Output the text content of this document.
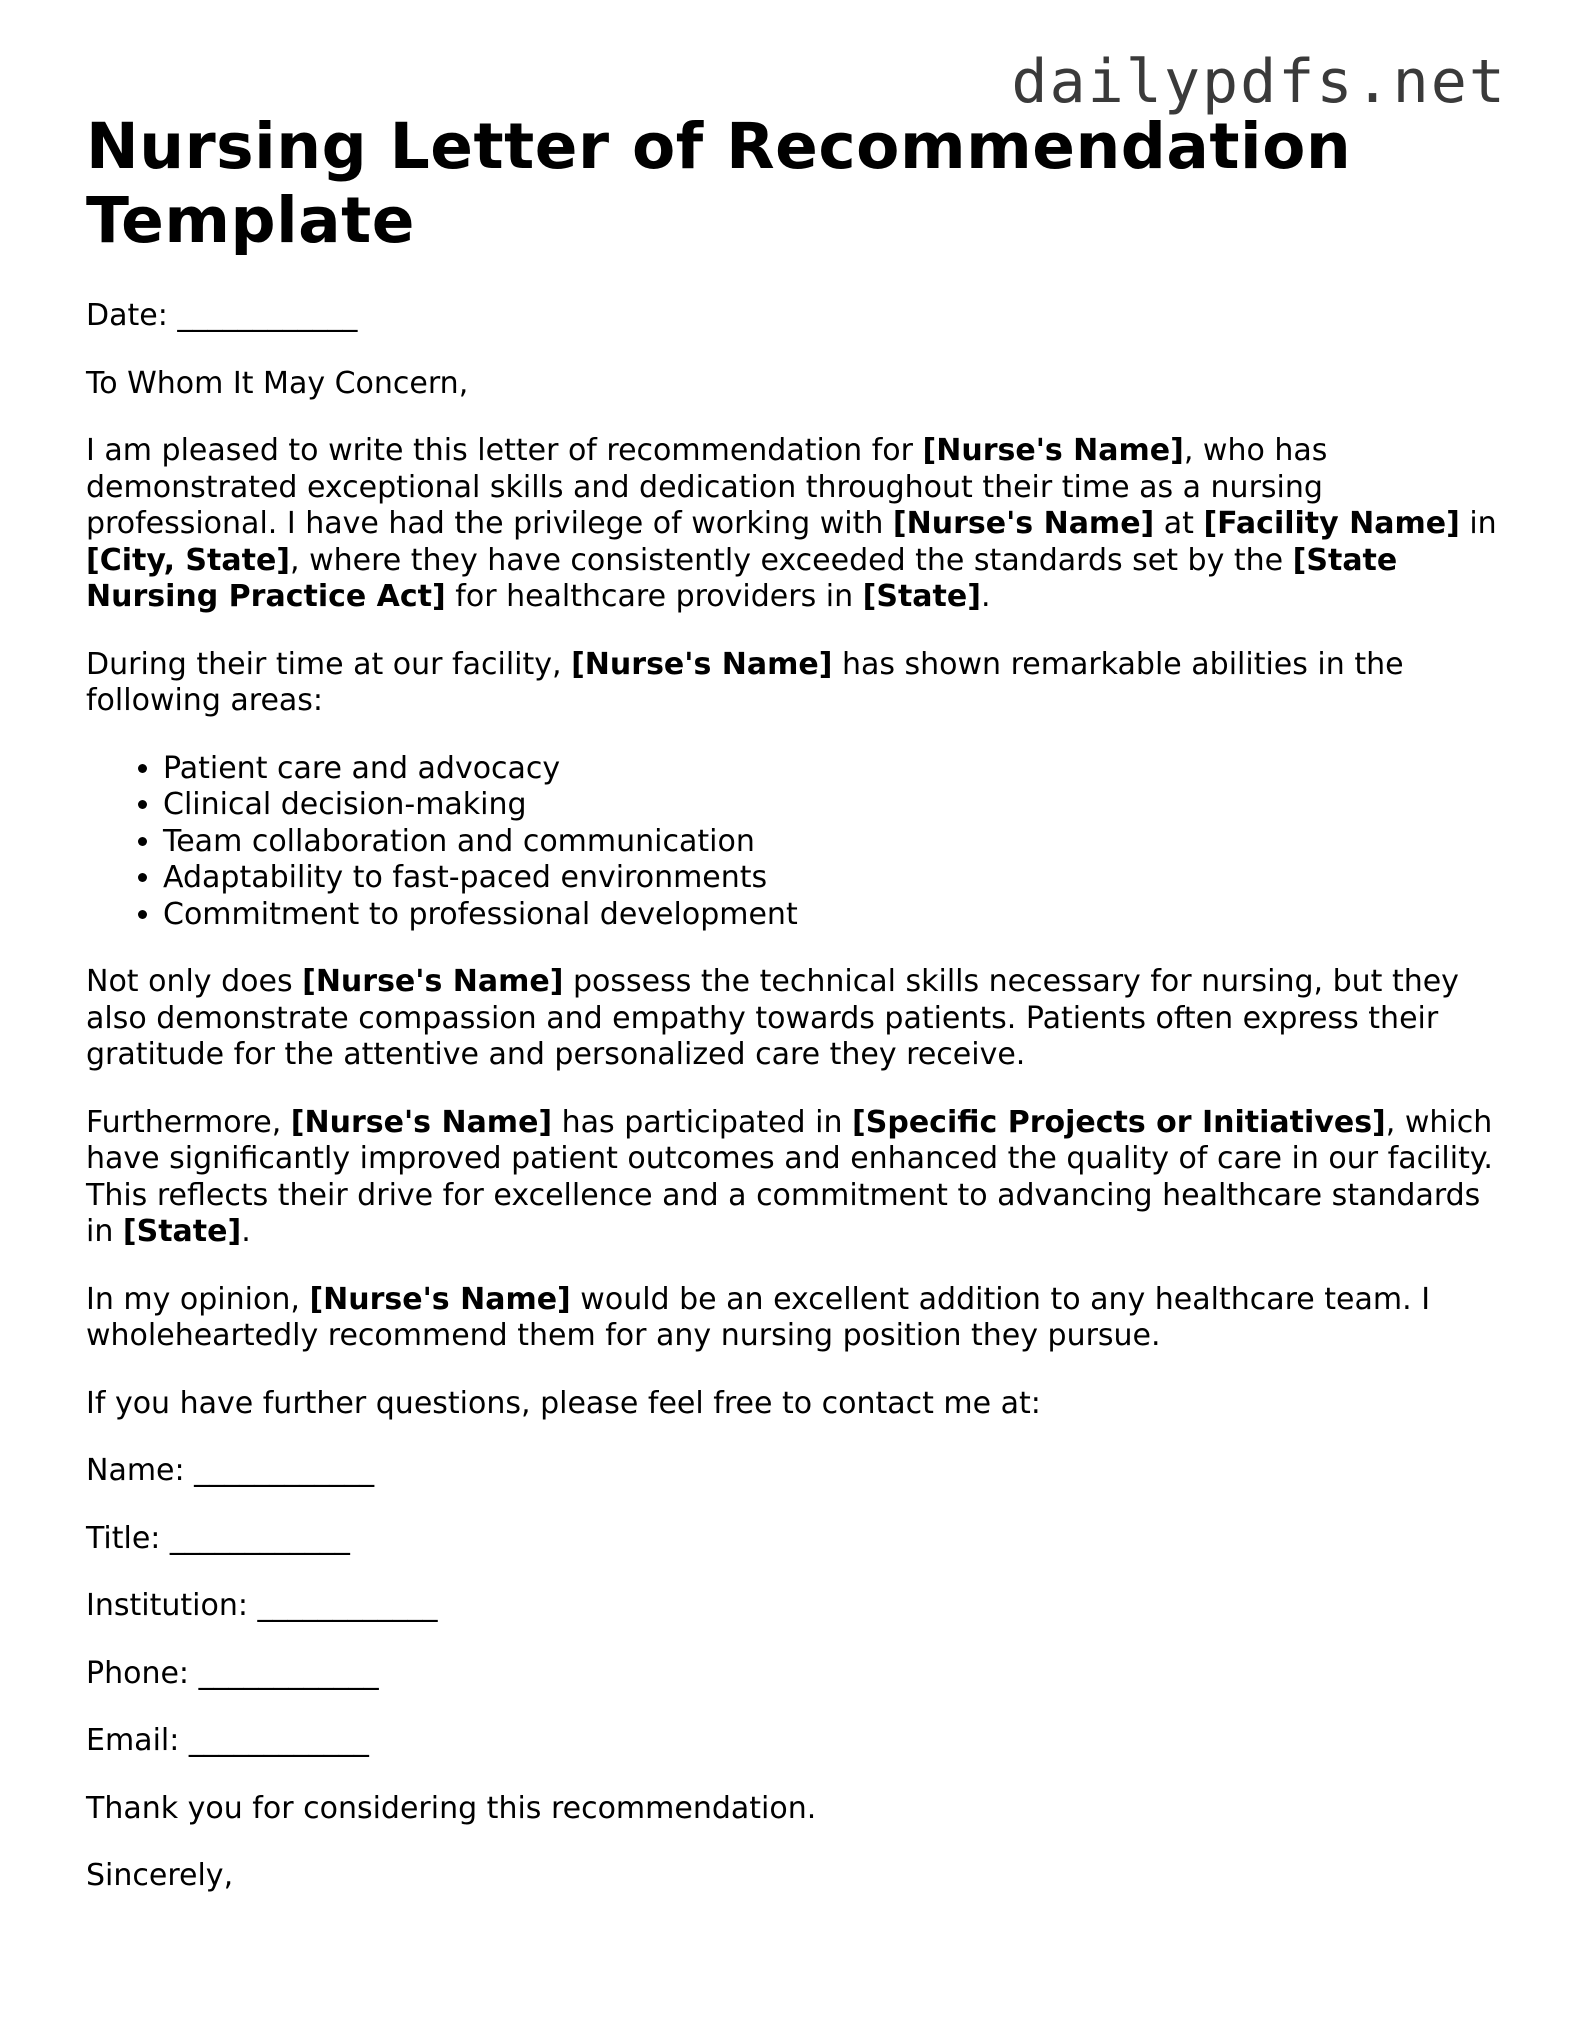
dailypdfs.net
Nursing Letter of Recommendation Template

Date: ____________

To Whom It May Concern,

I am pleased to write this letter of recommendation for [Nurse's Name], who has demonstrated exceptional skills and dedication throughout their time as a nursing professional. I have had the privilege of working with [Nurse's Name] at [Facility Name] in [City, State], where they have consistently exceeded the standards set by the [State Nursing Practice Act] for healthcare providers in [State].

During their time at our facility, [Nurse's Name] has shown remarkable abilities in the following areas:

• Patient care and advocacy
• Clinical decision-making
• Team collaboration and communication
• Adaptability to fast-paced environments
• Commitment to professional development

Not only does [Nurse's Name] possess the technical skills necessary for nursing, but they also demonstrate compassion and empathy towards patients. Patients often express their gratitude for the attentive and personalized care they receive.

Furthermore, [Nurse's Name] has participated in [Specific Projects or Initiatives], which have significantly improved patient outcomes and enhanced the quality of care in our facility. This reflects their drive for excellence and a commitment to advancing healthcare standards in [State].

In my opinion, [Nurse's Name] would be an excellent addition to any healthcare team. I wholeheartedly recommend them for any nursing position they pursue.

If you have further questions, please feel free to contact me at:

Name: ____________

Title: ____________

Institution: ____________

Phone: ____________

Email: ____________

Thank you for considering this recommendation.

Sincerely,
